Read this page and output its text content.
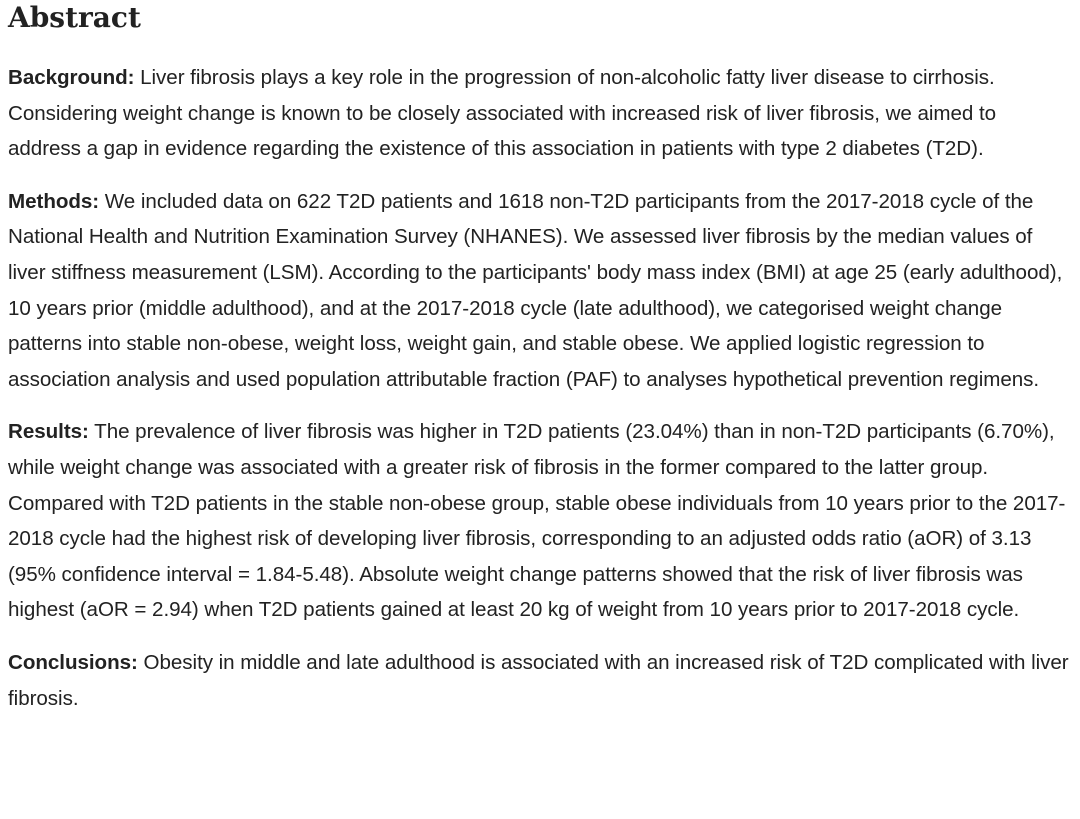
Abstract

Background: Liver fibrosis plays a key role in the progression of non-alcoholic fatty liver disease to cirrhosis. Considering weight change is known to be closely associated with increased risk of liver fibrosis, we aimed to address a gap in evidence regarding the existence of this association in patients with type 2 diabetes (T2D).

Methods: We included data on 622 T2D patients and 1618 non-T2D participants from the 2017-2018 cycle of the National Health and Nutrition Examination Survey (NHANES). We assessed liver fibrosis by the median values of liver stiffness measurement (LSM). According to the participants' body mass index (BMI) at age 25 (early adulthood), 10 years prior (middle adulthood), and at the 2017-2018 cycle (late adulthood), we categorised weight change patterns into stable non-obese, weight loss, weight gain, and stable obese. We applied logistic regression to association analysis and used population attributable fraction (PAF) to analyses hypothetical prevention regimens.

Results: The prevalence of liver fibrosis was higher in T2D patients (23.04%) than in non-T2D participants (6.70%), while weight change was associated with a greater risk of fibrosis in the former compared to the latter group. Compared with T2D patients in the stable non-obese group, stable obese individuals from 10 years prior to the 2017-2018 cycle had the highest risk of developing liver fibrosis, corresponding to an adjusted odds ratio (aOR) of 3.13 (95% confidence interval = 1.84-5.48). Absolute weight change patterns showed that the risk of liver fibrosis was highest (aOR = 2.94) when T2D patients gained at least 20 kg of weight from 10 years prior to 2017-2018 cycle.

Conclusions: Obesity in middle and late adulthood is associated with an increased risk of T2D complicated with liver fibrosis.
